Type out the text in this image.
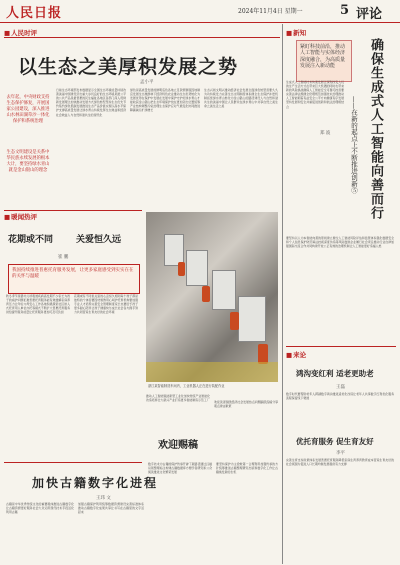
人民日报	2024年11月4日 星期一	5 评论
■ 人民时评
以生态之美厚积发展之势
孟小平
去年起，中央财政支持生态保护修复，开展国家公园建设，深入推进山水林田湖草沙一体化保护和系统治理
生态文明建设是关系中华民族永续发展的根本大计，要坚持绿水青山就是金山银山的理念
日前生态环境部发布数据显示全国生态环境质量持续改善美丽中国建设迈出重大步伐良好的生态环境是最公平的公共产品是最普惠的民生福祉各地区各部门深入贯彻新发展理念加快推动发展方式绿色转型坚持生态优先节约集约绿色低碳发展推进生态产品价值实现以高水平保护支撑高质量发展让绿水青山持续发挥生态效益和经济社会效益人与自然和谐共生的现代化
绿色是高质量发展的鲜明底色各地立足资源禀赋因地制宜发展生态旅游林下经济特色农业推动生态优势转化为发展优势在保护中发展在发展中保护守护好绿水青山才能收获金山银山把生态环境保护放在更加突出位置统筹产业结构调整污染治理生态保护应对气候变化协同推进降碳减污扩绿增长
生态兴则文明兴推动经济社会发展全面绿色转型需要久久为功持续发力完善生态文明制度体系健全生态保护补偿机制拓宽绿水青山转化为金山银山的路径建设人与自然和谐共生的美丽中国让人民群众在绿水青山中共享自然之美生命之美生活之美
■ 暖闻热评
花期或不同	关爱恒久远
崔 鹏
我国持续推进普惠托育服务发展，让更多家庭感受到实实在在的关怀与温暖
秋冬季节是婴幼儿呼吸道疾病高发期不少家长为孩子的看护问题犯难普惠托育服务能有效缓解家庭养育压力让年轻父母安心工作各地积极探索社区嵌入式托育用人单位办托等模式不断扩大普惠托育服务供给提升服务质量让托育服务更加可及可负担
花期或有不同但关爱的心意恒久相同每个孩子都是独特的个体需要因材施教用心呵护托育机构要加强专业人才培养完善安全管理制度家长也要给予孩子更多耐心陪伴让孩子健康快乐成长社会各方携手努力共同营造生育友好的社会环境
浙江某智能制造车间内，工业机器人正在进行装配作业
推动人工智能赋能新型工业化加快传统产业智能化改造培育壮大新兴产业打造更多智能制造示范工厂 欢迎读者围绕经济社会发展热点问题踊跃投稿分享观点建言献策
欢迎赐稿
加快古籍数字化进程
王玮 文
古籍是中华优秀传统文化的重要载体推进古籍数字化让古籍资源更好服务社会大众运用现代技术手段活化利用古籍
加强古籍保护利用统筹数据资源建设完善标准体系推动古籍数字化成果共享让书写在古籍里的文字活起来
数字技术为古籍的保护传承开辟了新路径通过扫描识别整理标注构建古籍数据库方便学者研究和公众阅读推进文化繁荣发展
要坚持保护为主抢救第一合理利用加强传承的方针统筹推进古籍整理研究出版和数字化工作让古籍焕发新的生机
■ 新知
紧盯科技前沿，推动人工智能与实体经济深度融合，为高质量发展注入新动能	确保生成式人工智能向善而行
——在新的起点上不断推进创新⑤
郑 波
生成式人工智能技术快速发展正深刻改变人们的生产生活方式在带来巨大机遇的同时也带来新的风险挑战确保人工智能安全可靠可控需要完善法律法规健全伦理规范加强技术治理推动人工智能朝着有益安全公平方向健康有序发展坚持发展和安全并重促进创新和依法治理相结合
要坚持以人为本智能向善的原则建立健全人工智能风险评估和监管体系强化数据安全和个人信息保护防范算法歧视深度伪造等风险鼓励企业履行社会责任推动行业自律加强国际交流合作共同构建开放公正有效的治理机制让人工智能更好造福人类
■ 来论
鸿沟变红利 适老更助老
王磊
数字时代要帮助老年人跨越数字鸿沟推进适老化改造让老年人共享数字红利优化服务流程保留线下渠道
优托育服务 促生育友好
李平
完善生育支持政策体系发展普惠托育服务降低家庭生育养育教育成本营造生育友好的社会氛围为促进人口长期均衡发展提供有力支撑
